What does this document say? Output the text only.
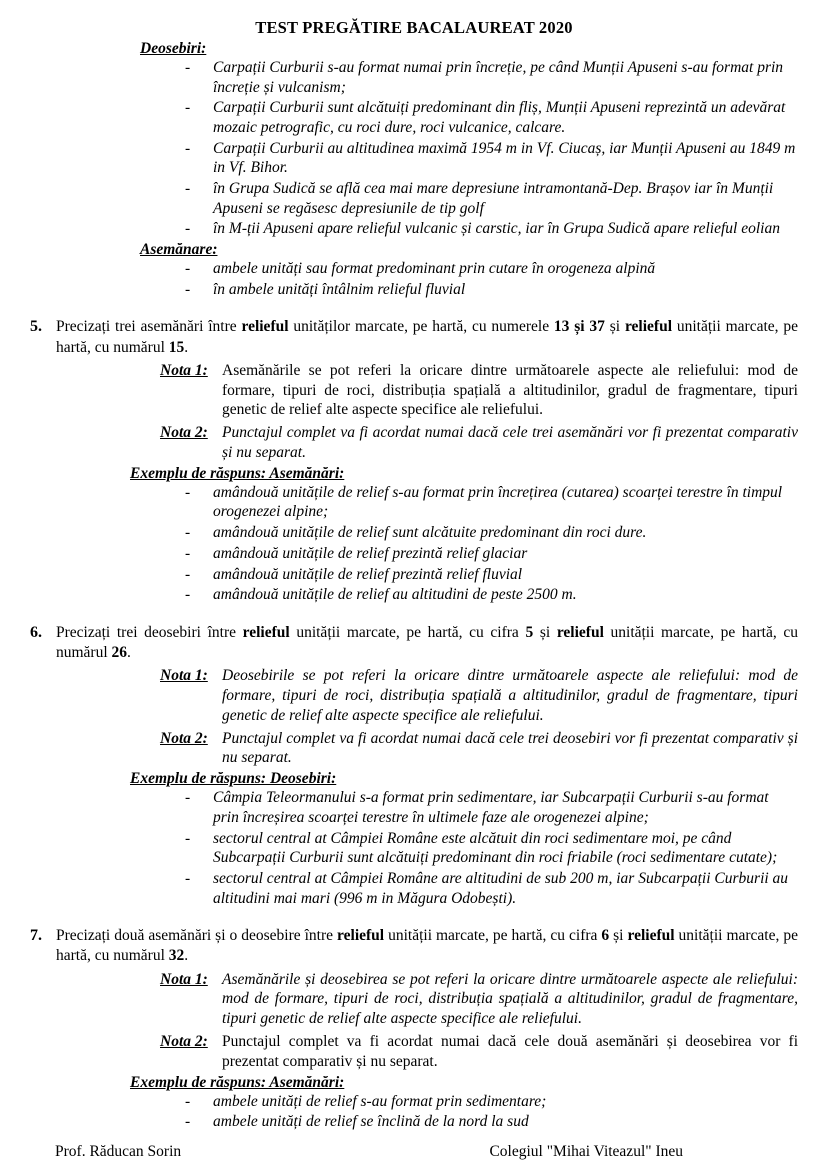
TEST PREGĂTIRE BACALAUREAT 2020
Deosebiri:
- Carpații Curburii s-au format numai prin încreție, pe când Munții Apuseni s-au format prin încreție și vulcanism;
- Carpații Curburii sunt alcătuiți predominant din fliș, Munții Apuseni reprezintă un adevărat mozaic petrografic, cu roci dure, roci vulcanice, calcare.
- Carpații Curburii au altitudinea maximă 1954 m in Vf. Ciucaș, iar Munții Apuseni au 1849 m in Vf. Bihor.
- în Grupa Sudică se află cea mai mare depresiune intramontană-Dep. Brașov iar în Munții Apuseni se regăsesc depresiunile de tip golf
- în M-ții Apuseni apare relieful vulcanic și carstic, iar în Grupa Sudică apare relieful eolian
Asemănare:
- ambele unități sau format predominant prin cutare în orogeneza alpină
- în ambele unități întâlnim relieful fluvial
5. Precizați trei asemănări între relieful unităților marcate, pe hartă, cu numerele 13 și 37 și relieful unității marcate, pe hartă, cu numărul 15.
Nota 1: Asemănările se pot referi la oricare dintre următoarele aspecte ale reliefului: mod de formare, tipuri de roci, distribuția spațială a altitudinilor, gradul de fragmentare, tipuri genetic de relief alte aspecte specifice ale reliefului.
Nota 2: Punctajul complet va fi acordat numai dacă cele trei asemănări vor fi prezentat comparativ și nu separat.
Exemplu de răspuns: Asemănări:
- amândouă unitățile de relief s-au format prin încrețirea (cutarea) scoarței terestre în timpul orogenezei alpine;
- amândouă unitățile de relief sunt alcătuite predominant din roci dure.
- amândouă unitățile de relief prezintă relief glaciar
- amândouă unitățile de relief prezintă relief fluvial
- amândouă unitățile de relief au altitudini de peste 2500 m.
6. Precizați trei deosebiri între relieful unității marcate, pe hartă, cu cifra 5 și relieful unității marcate, pe hartă, cu numărul 26.
Nota 1: Deosebirile se pot referi la oricare dintre următoarele aspecte ale reliefului: mod de formare, tipuri de roci, distribuția spațială a altitudinilor, gradul de fragmentare, tipuri genetic de relief alte aspecte specifice ale reliefului.
Nota 2: Punctajul complet va fi acordat numai dacă cele trei deosebiri vor fi prezentat comparativ și nu separat.
Exemplu de răspuns: Deosebiri:
- Câmpia Teleormanului s-a format prin sedimentare, iar Subcarpații Curburii s-au format prin încreșirea scoarței terestre în ultimele faze ale orogenezei alpine;
- sectorul central at Câmpiei Române este alcătuit din roci sedimentare moi, pe când Subcarpații Curburii sunt alcătuiți predominant din roci friabile (roci sedimentare cutate);
- sectorul central at Câmpiei Române are altitudini de sub 200 m, iar Subcarpații Curburii au altitudini mai mari (996 m in Măgura Odobești).
7. Precizați două asemănări și o deosebire între relieful unității marcate, pe hartă, cu cifra 6 și relieful unității marcate, pe hartă, cu numărul 32.
Nota 1: Asemănările și deosebirea se pot referi la oricare dintre următoarele aspecte ale reliefului: mod de formare, tipuri de roci, distribuția spațială a altitudinilor, gradul de fragmentare, tipuri genetic de relief alte aspecte specifice ale reliefului.
Nota 2: Punctajul complet va fi acordat numai dacă cele două asemănări și deosebirea vor fi prezentat comparativ și nu separat.
Exemplu de răspuns: Asemănări:
- ambele unități de relief s-au format prin sedimentare;
- ambele unități de relief se înclină de la nord la sud
Prof. Răducan Sorin	Colegiul "Mihai Viteazul" Ineu
